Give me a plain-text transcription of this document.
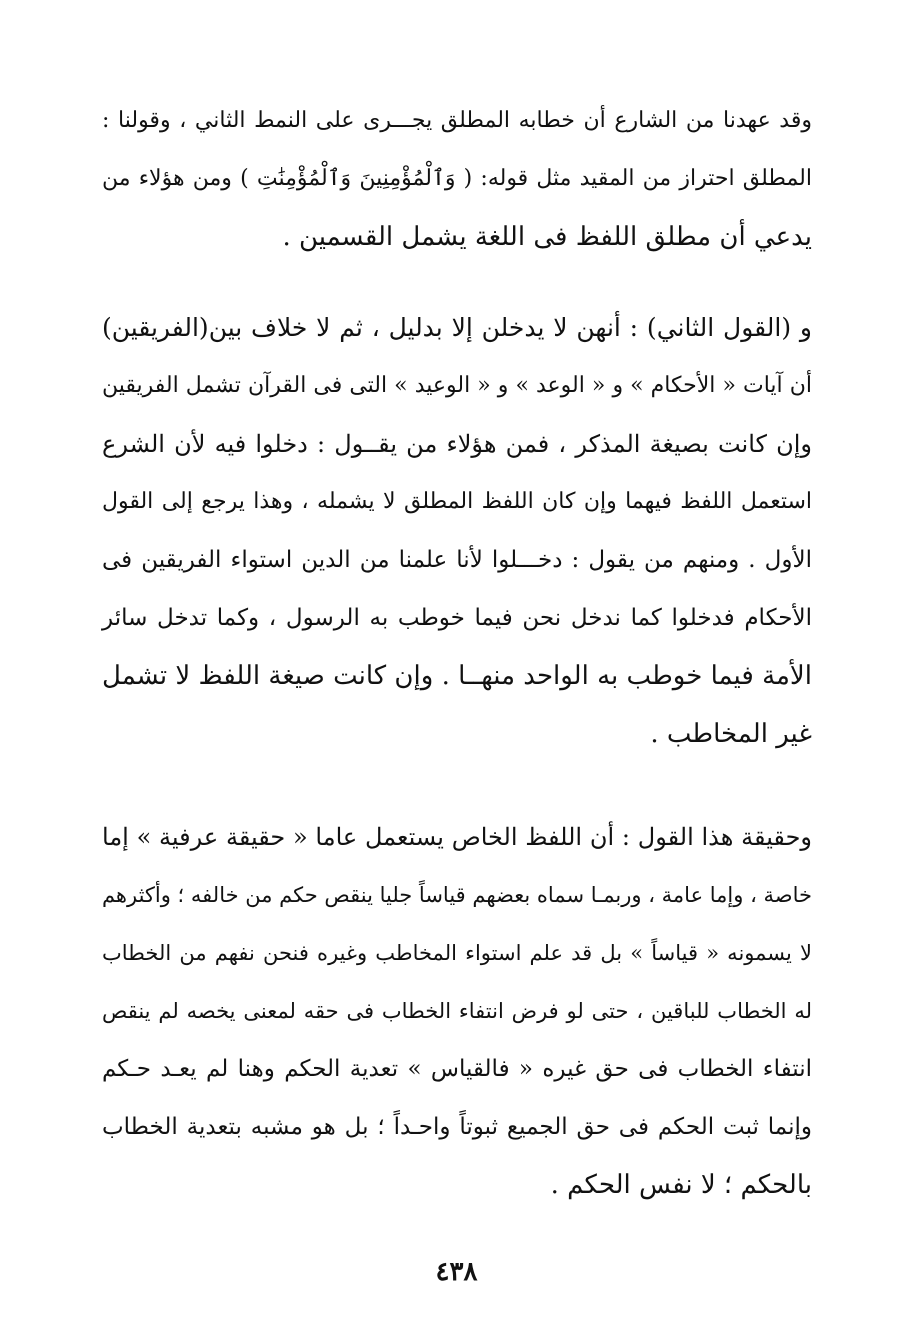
وقد عهدنا من الشارع أن خطابه المطلق يجـــرى على النمط الثاني ، وقولنا :
المطلق احتراز من المقيد مثل قوله: ( وَٱلْمُؤْمِنِينَ وَٱلْمُؤْمِنَٰتِ ) ومن هؤلاء من
يدعي أن مطلق اللفظ فى اللغة يشمل القسمين .
و (القول الثاني) : أنهن لا يدخلن إلا بدليل ، ثم لا خلاف بين(الفريقين)
أن آيات « الأحكام » و « الوعد » و « الوعيد » التى فى القرآن تشمل الفريقين
وإن كانت بصيغة المذكر ، فمن هؤلاء من يقــول : دخلوا فيه لأن الشرع
استعمل اللفظ فيهما وإن كان اللفظ المطلق لا يشمله ، وهذا يرجع إلى القول
الأول . ومنهم من يقول : دخـــلوا لأنا علمنا من الدين استواء الفريقين فى
الأحكام فدخلوا كما ندخل نحن فيما خوطب به الرسول ، وكما تدخل سائر
الأمة فيما خوطب به الواحد منهــا . وإن كانت صيغة اللفظ لا تشمل
غير المخاطب .
وحقيقة هذا القول : أن اللفظ الخاص يستعمل عاما « حقيقة عرفية » إما
خاصة ، وإما عامة ، وربمـا سماه بعضهم قياساً جليا ينقص حكم من خالفه ؛ وأكثرهم
لا يسمونه « قياساً » بل قد علم استواء المخاطب وغيره فنحن نفهم من الخطاب
له الخطاب للباقين ، حتى لو فرض انتفاء الخطاب فى حقه لمعنى يخصه لم ينقص
انتفاء الخطاب فى حق غيره « فالقياس » تعدية الحكم وهنا لم يعـد حـكم
وإنما ثبت الحكم فى حق الجميع ثبوتاً واحـداً ؛ بل هو مشبه بتعدية الخطاب
بالحكم ؛ لا نفس الحكم .
٤٣٨
